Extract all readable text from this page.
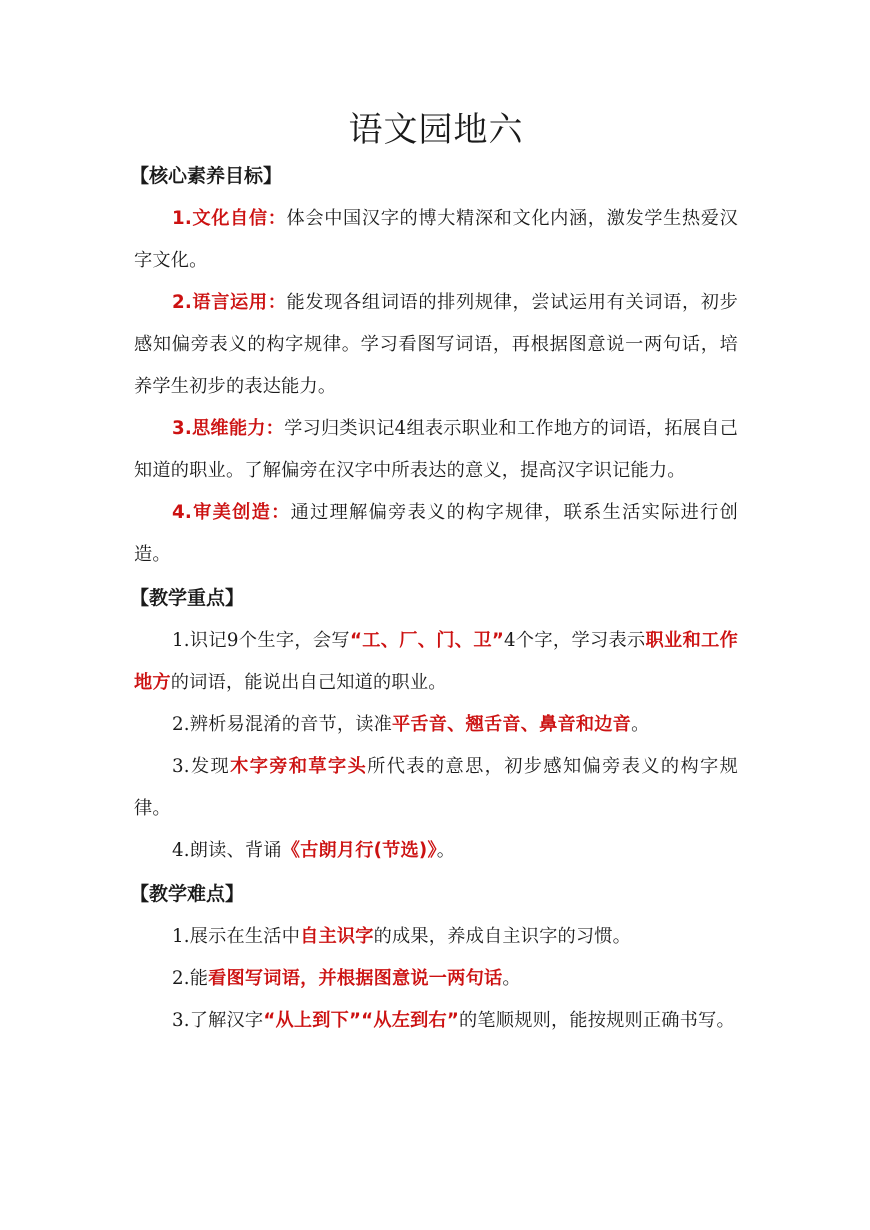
语文园地六

【核心素养目标】

1.文化自信：体会中国汉字的博大精深和文化内涵，激发学生热爱汉字文化。

2.语言运用：能发现各组词语的排列规律，尝试运用有关词语，初步感知偏旁表义的构字规律。学习看图写词语，再根据图意说一两句话，培养学生初步的表达能力。

3.思维能力：学习归类识记4组表示职业和工作地方的词语，拓展自己知道的职业。了解偏旁在汉字中所表达的意义，提高汉字识记能力。

4.审美创造：通过理解偏旁表义的构字规律，联系生活实际进行创造。

【教学重点】

1.识记9个生字，会写“工、厂、门、卫”4个字，学习表示职业和工作地方的词语，能说出自己知道的职业。

2.辨析易混淆的音节，读准平舌音、翘舌音、鼻音和边音。

3.发现木字旁和草字头所代表的意思，初步感知偏旁表义的构字规律。

4.朗读、背诵《古朗月行(节选)》。

【教学难点】

1.展示在生活中自主识字的成果，养成自主识字的习惯。

2.能看图写词语，并根据图意说一两句话。

3.了解汉字“从上到下”“从左到右”的笔顺规则，能按规则正确书写。
